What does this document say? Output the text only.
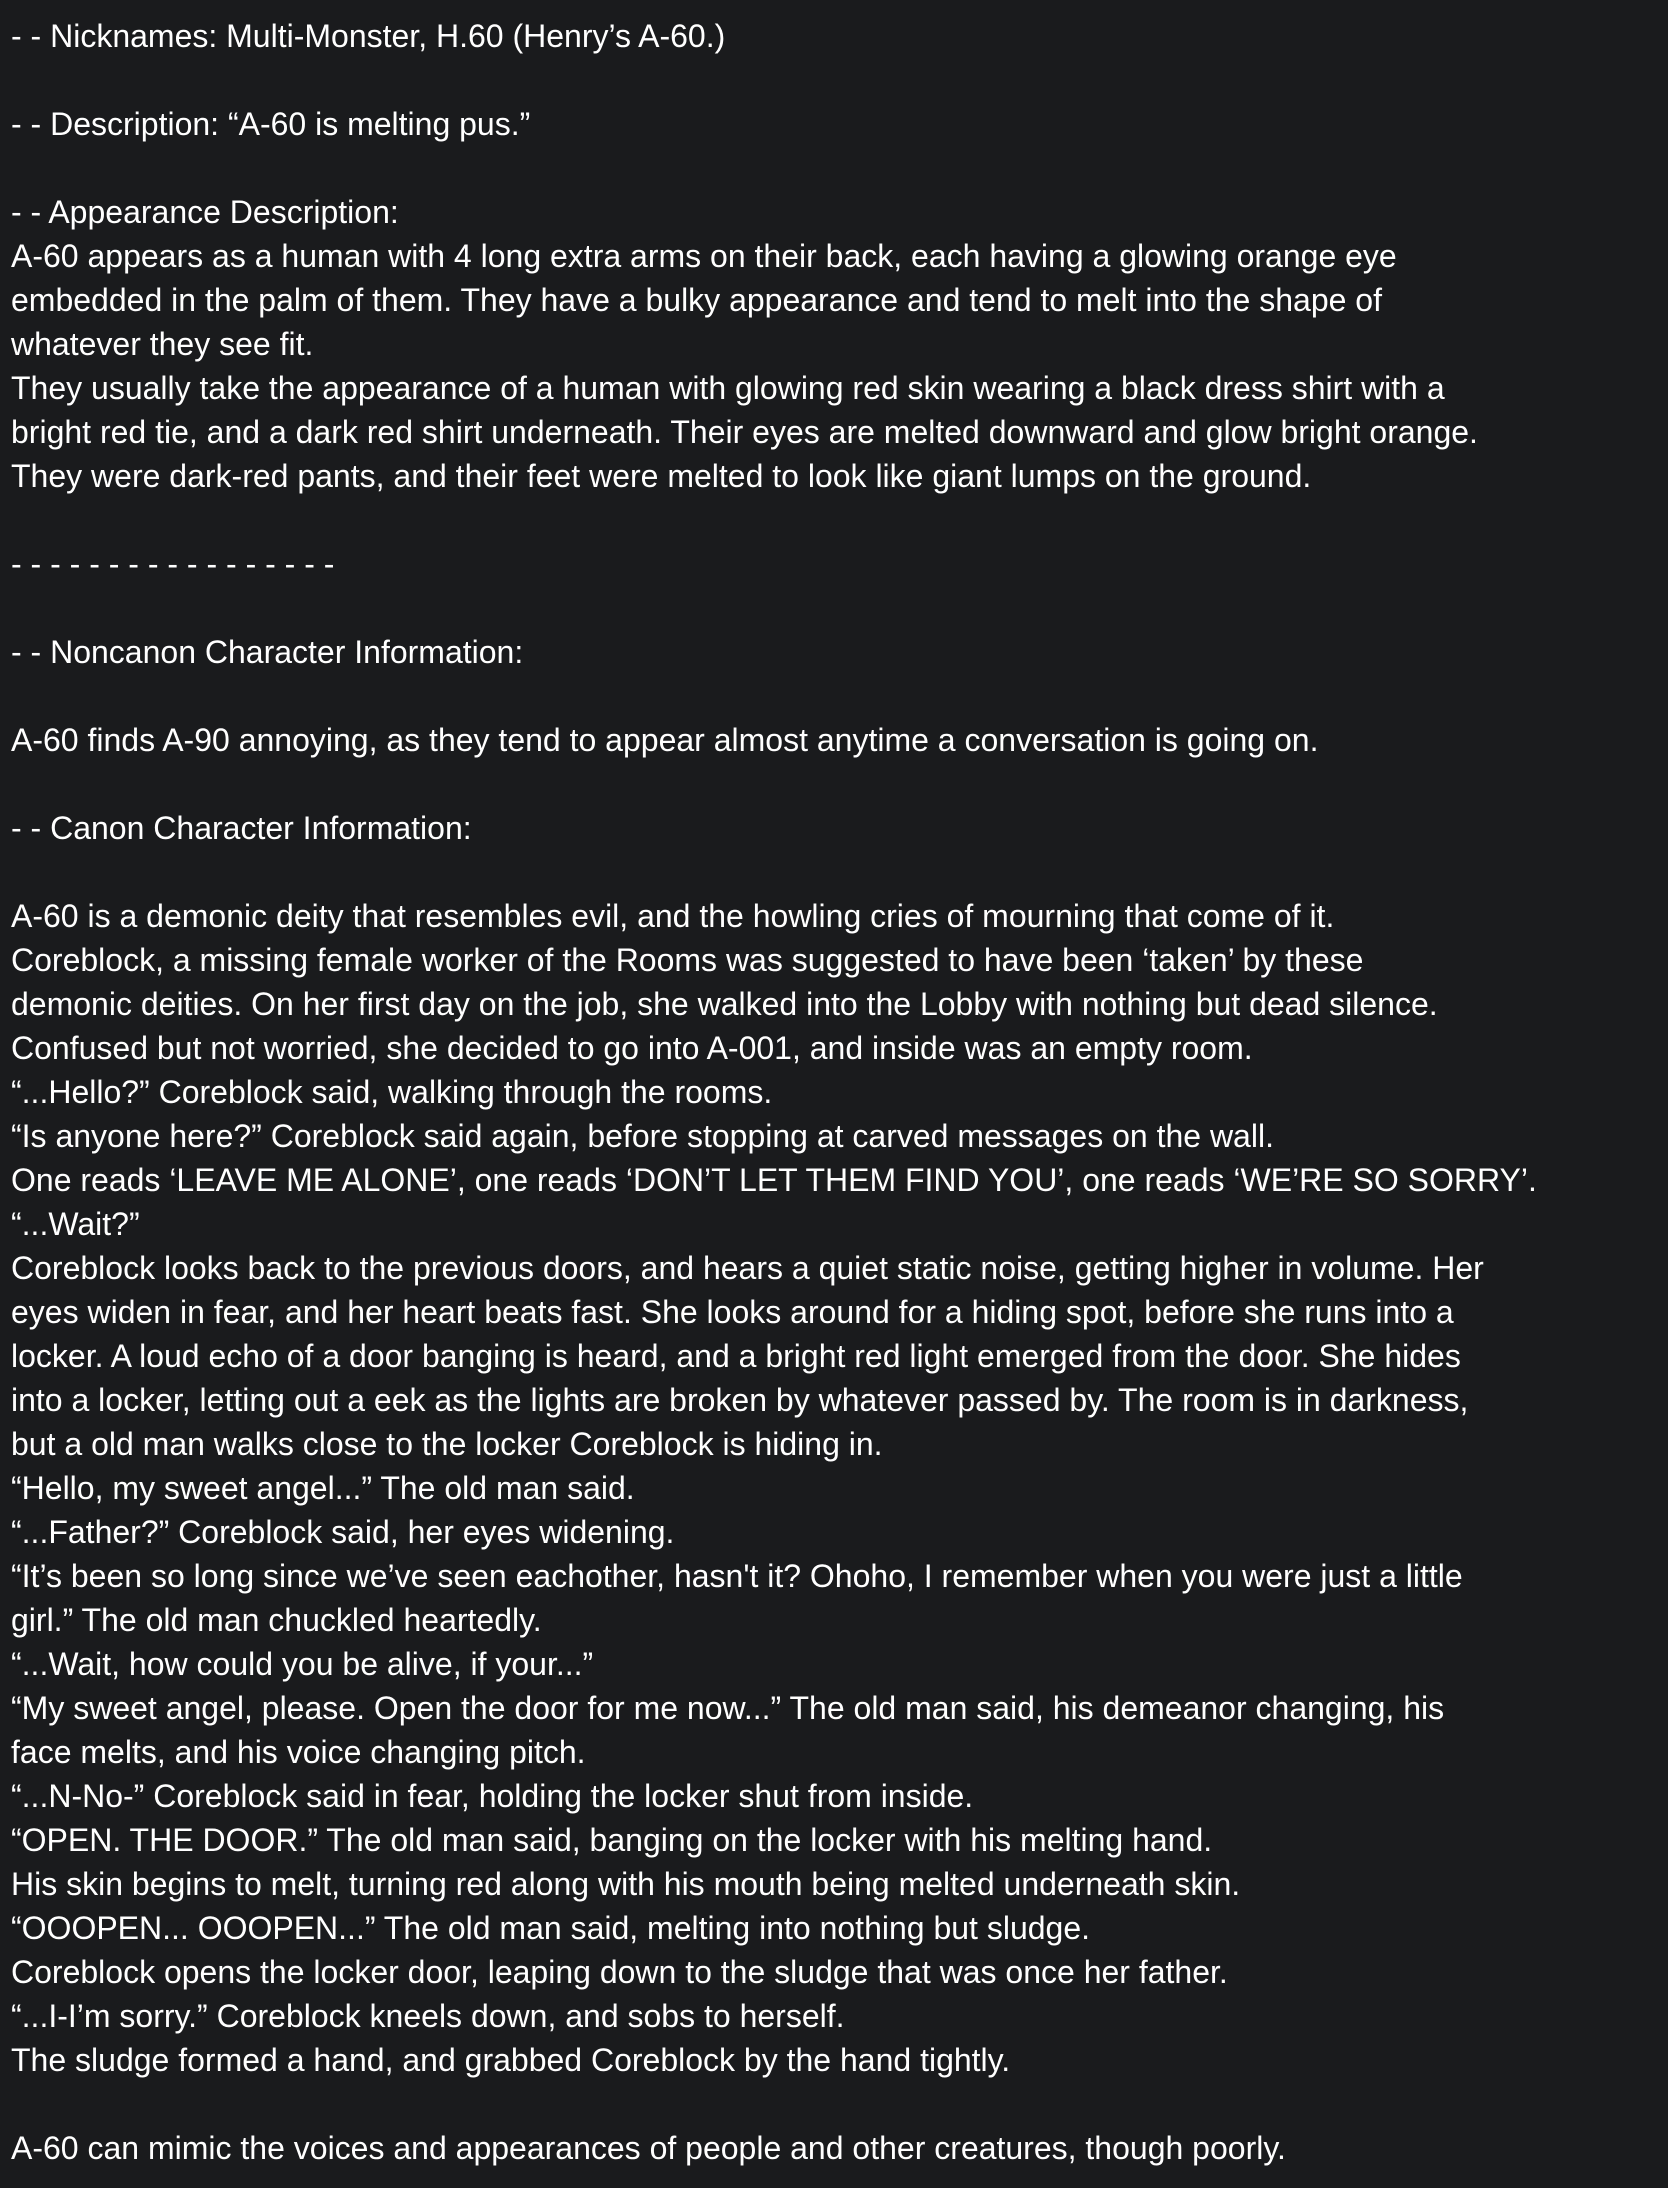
- - Nicknames: Multi-Monster, H.60 (Henry’s A-60.)
- - Description: “A-60 is melting pus.”
- - Appearance Description:
A-60 appears as a human with 4 long extra arms on their back, each having a glowing orange eye
embedded in the palm of them. They have a bulky appearance and tend to melt into the shape of
whatever they see fit.
They usually take the appearance of a human with glowing red skin wearing a black dress shirt with a
bright red tie, and a dark red shirt underneath. Their eyes are melted downward and glow bright orange.
They were dark-red pants, and their feet were melted to look like giant lumps on the ground.
- - - - - - - - - - - - - - - - -
- - Noncanon Character Information:
A-60 finds A-90 annoying, as they tend to appear almost anytime a conversation is going on.
- - Canon Character Information:
A-60 is a demonic deity that resembles evil, and the howling cries of mourning that come of it.
Coreblock, a missing female worker of the Rooms was suggested to have been ‘taken’ by these
demonic deities. On her first day on the job, she walked into the Lobby with nothing but dead silence.
Confused but not worried, she decided to go into A-001, and inside was an empty room.
“...Hello?” Coreblock said, walking through the rooms.
“Is anyone here?” Coreblock said again, before stopping at carved messages on the wall.
One reads ‘LEAVE ME ALONE’, one reads ‘DON’T LET THEM FIND YOU’, one reads ‘WE’RE SO SORRY’.
“...Wait?”
Coreblock looks back to the previous doors, and hears a quiet static noise, getting higher in volume. Her
eyes widen in fear, and her heart beats fast. She looks around for a hiding spot, before she runs into a
locker. A loud echo of a door banging is heard, and a bright red light emerged from the door. She hides
into a locker, letting out a eek as the lights are broken by whatever passed by. The room is in darkness,
but a old man walks close to the locker Coreblock is hiding in.
“Hello, my sweet angel...” The old man said.
“...Father?” Coreblock said, her eyes widening.
“It’s been so long since we’ve seen eachother, hasn't it? Ohoho, I remember when you were just a little
girl.” The old man chuckled heartedly.
“...Wait, how could you be alive, if your...”
“My sweet angel, please. Open the door for me now...” The old man said, his demeanor changing, his
face melts, and his voice changing pitch.
“...N-No-” Coreblock said in fear, holding the locker shut from inside.
“OPEN. THE DOOR.” The old man said, banging on the locker with his melting hand.
His skin begins to melt, turning red along with his mouth being melted underneath skin.
“OOOPEN... OOOPEN...” The old man said, melting into nothing but sludge.
Coreblock opens the locker door, leaping down to the sludge that was once her father.
“...I-I’m sorry.” Coreblock kneels down, and sobs to herself.
The sludge formed a hand, and grabbed Coreblock by the hand tightly.
A-60 can mimic the voices and appearances of people and other creatures, though poorly.
